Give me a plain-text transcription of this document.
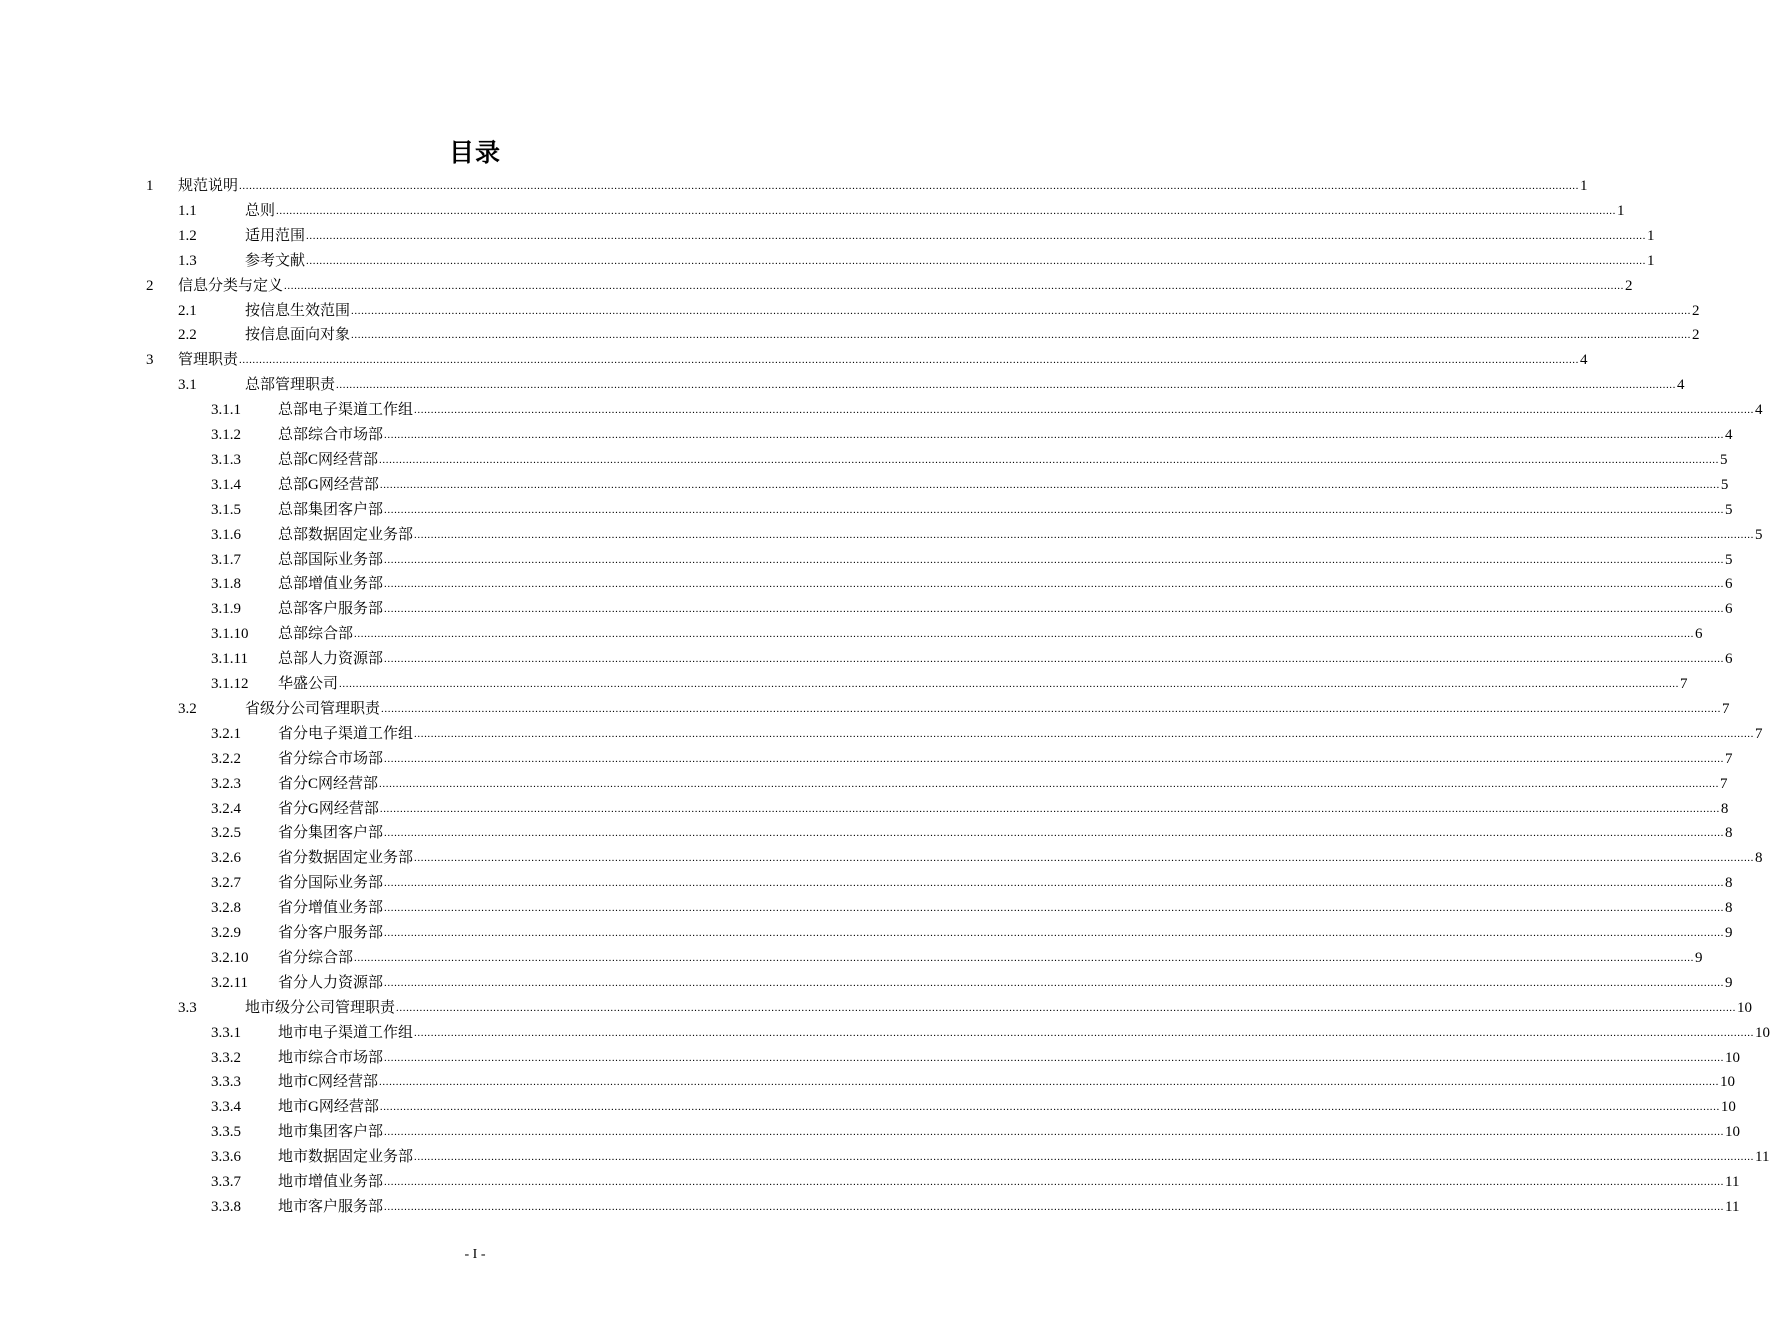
目录
1	规范说明 ................................................................................................................................................................................................................................................................................................................................................................................................................ 1
1.1	总则 ................................................................................................................................................................................................................................................................................................................................................................................................................ 1
1.2	适用范围 ................................................................................................................................................................................................................................................................................................................................................................................................................ 1
1.3	参考文献 ................................................................................................................................................................................................................................................................................................................................................................................................................ 1
2	信息分类与定义 ................................................................................................................................................................................................................................................................................................................................................................................................................ 2
2.1	按信息生效范围 ................................................................................................................................................................................................................................................................................................................................................................................................................ 2
2.2	按信息面向对象 ................................................................................................................................................................................................................................................................................................................................................................................................................ 2
3	管理职责 ................................................................................................................................................................................................................................................................................................................................................................................................................ 4
3.1	总部管理职责 ................................................................................................................................................................................................................................................................................................................................................................................................................ 4
3.1.1	总部电子渠道工作组 ................................................................................................................................................................................................................................................................................................................................................................................................................ 4
3.1.2	总部综合市场部 ................................................................................................................................................................................................................................................................................................................................................................................................................ 4
3.1.3	总部C网经营部 ................................................................................................................................................................................................................................................................................................................................................................................................................ 5
3.1.4	总部G网经营部 ................................................................................................................................................................................................................................................................................................................................................................................................................ 5
3.1.5	总部集团客户部 ................................................................................................................................................................................................................................................................................................................................................................................................................ 5
3.1.6	总部数据固定业务部 ................................................................................................................................................................................................................................................................................................................................................................................................................ 5
3.1.7	总部国际业务部 ................................................................................................................................................................................................................................................................................................................................................................................................................ 5
3.1.8	总部增值业务部 ................................................................................................................................................................................................................................................................................................................................................................................................................ 6
3.1.9	总部客户服务部 ................................................................................................................................................................................................................................................................................................................................................................................................................ 6
3.1.10	总部综合部 ................................................................................................................................................................................................................................................................................................................................................................................................................ 6
3.1.11	总部人力资源部 ................................................................................................................................................................................................................................................................................................................................................................................................................ 6
3.1.12	华盛公司 ................................................................................................................................................................................................................................................................................................................................................................................................................ 7
3.2	省级分公司管理职责 ................................................................................................................................................................................................................................................................................................................................................................................................................ 7
3.2.1	省分电子渠道工作组 ................................................................................................................................................................................................................................................................................................................................................................................................................ 7
3.2.2	省分综合市场部 ................................................................................................................................................................................................................................................................................................................................................................................................................ 7
3.2.3	省分C网经营部 ................................................................................................................................................................................................................................................................................................................................................................................................................ 7
3.2.4	省分G网经营部 ................................................................................................................................................................................................................................................................................................................................................................................................................ 8
3.2.5	省分集团客户部 ................................................................................................................................................................................................................................................................................................................................................................................................................ 8
3.2.6	省分数据固定业务部 ................................................................................................................................................................................................................................................................................................................................................................................................................ 8
3.2.7	省分国际业务部 ................................................................................................................................................................................................................................................................................................................................................................................................................ 8
3.2.8	省分增值业务部 ................................................................................................................................................................................................................................................................................................................................................................................................................ 8
3.2.9	省分客户服务部 ................................................................................................................................................................................................................................................................................................................................................................................................................ 9
3.2.10	省分综合部 ................................................................................................................................................................................................................................................................................................................................................................................................................ 9
3.2.11	省分人力资源部 ................................................................................................................................................................................................................................................................................................................................................................................................................ 9
3.3	地市级分公司管理职责 ................................................................................................................................................................................................................................................................................................................................................................................................................ 10
3.3.1	地市电子渠道工作组 ................................................................................................................................................................................................................................................................................................................................................................................................................ 10
3.3.2	地市综合市场部 ................................................................................................................................................................................................................................................................................................................................................................................................................ 10
3.3.3	地市C网经营部 ................................................................................................................................................................................................................................................................................................................................................................................................................ 10
3.3.4	地市G网经营部 ................................................................................................................................................................................................................................................................................................................................................................................................................ 10
3.3.5	地市集团客户部 ................................................................................................................................................................................................................................................................................................................................................................................................................ 10
3.3.6	地市数据固定业务部 ................................................................................................................................................................................................................................................................................................................................................................................................................ 11
3.3.7	地市增值业务部 ................................................................................................................................................................................................................................................................................................................................................................................................................ 11
3.3.8	地市客户服务部 ................................................................................................................................................................................................................................................................................................................................................................................................................ 11
- I -
